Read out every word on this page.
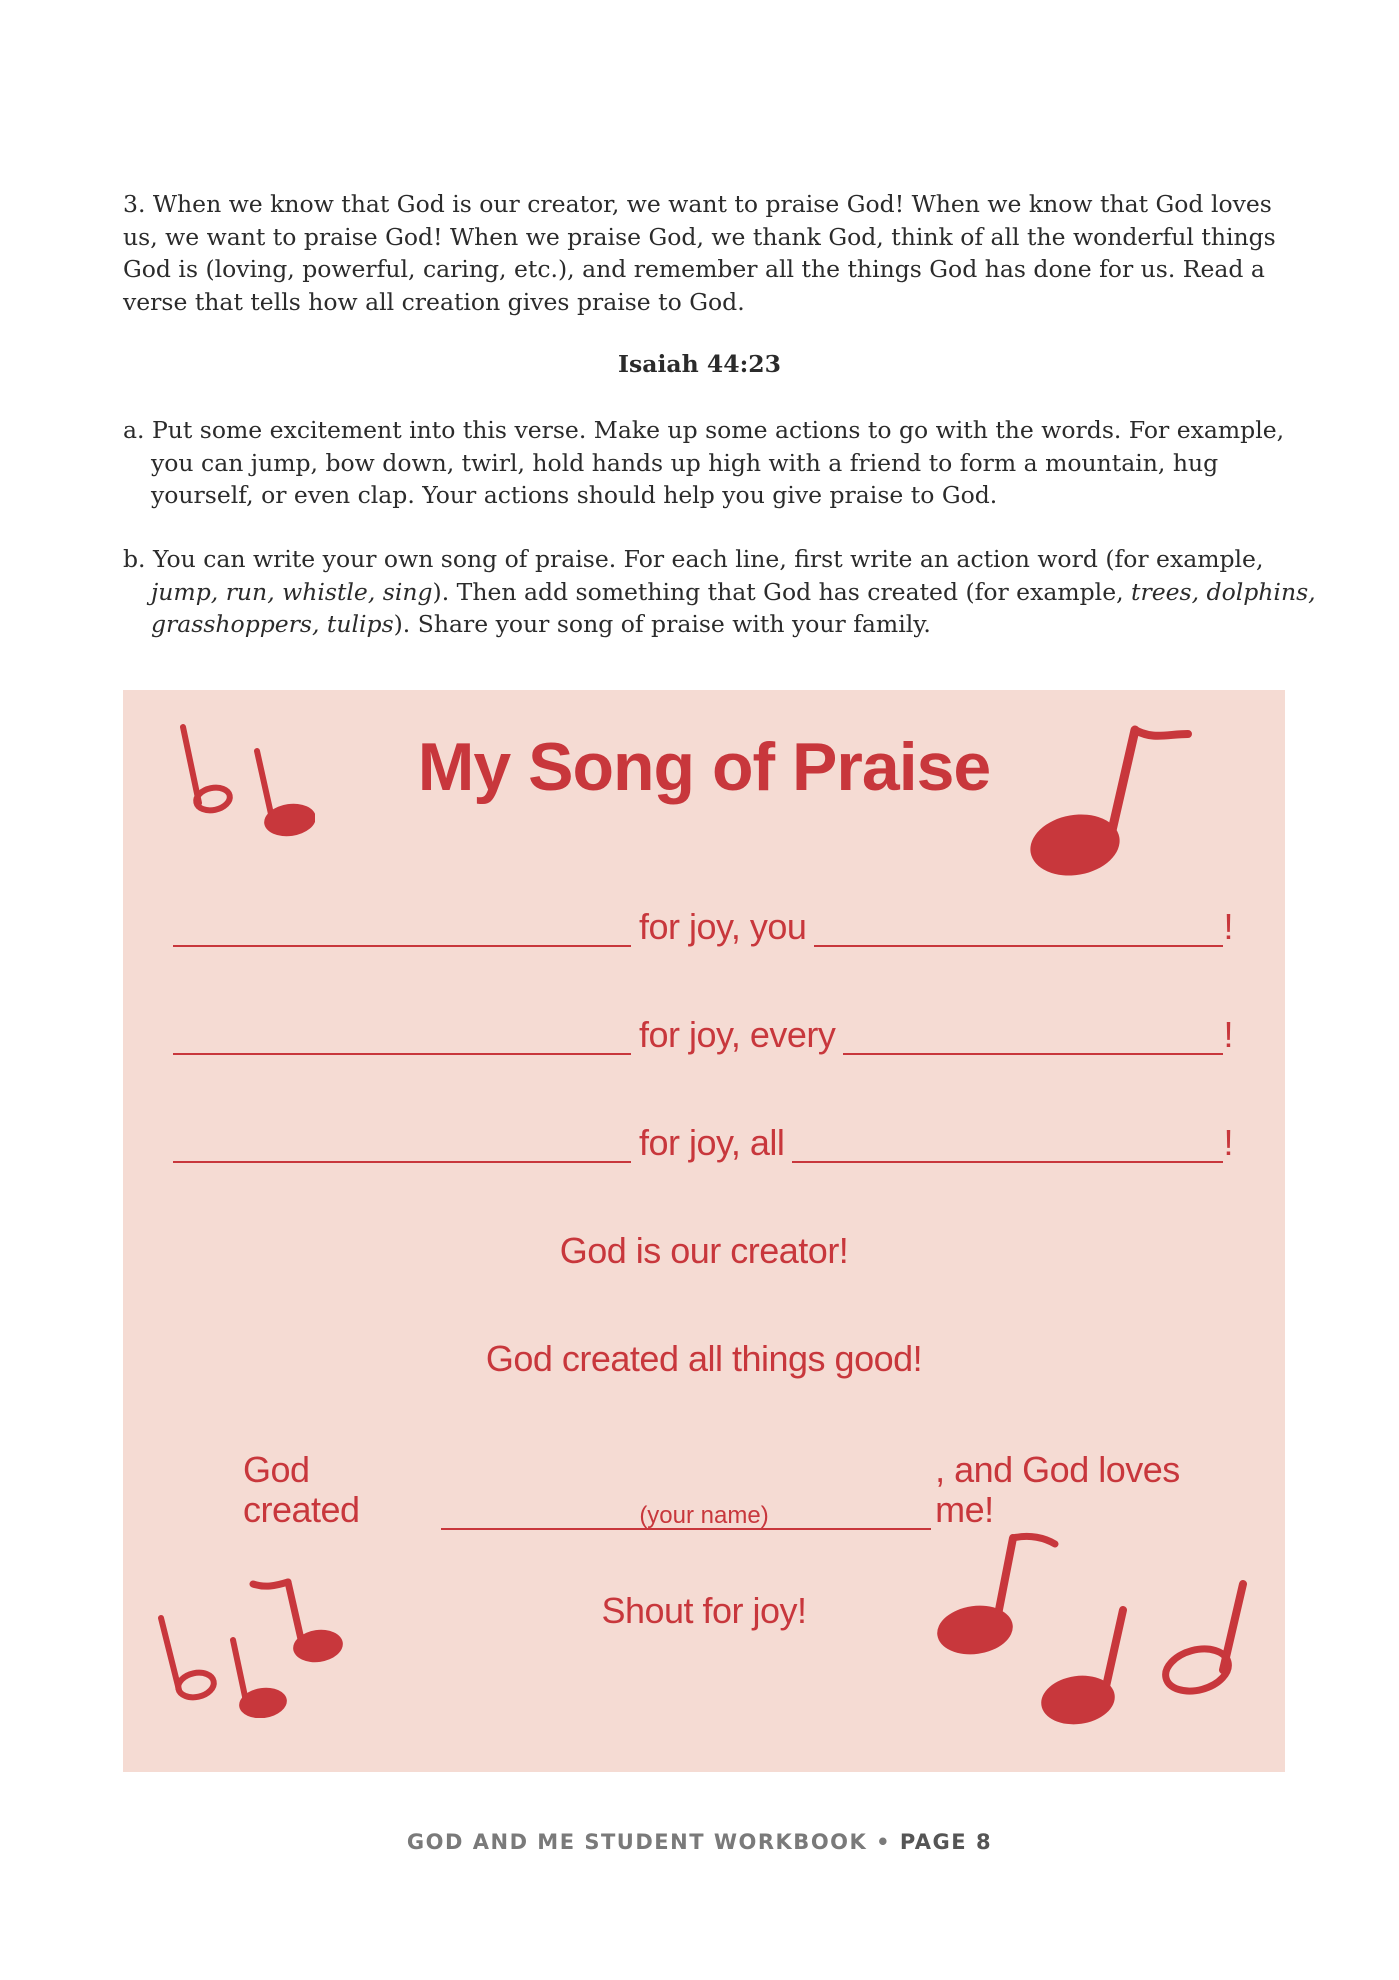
3. When we know that God is our creator, we want to praise God! When we know that God loves us, we want to praise God! When we praise God, we thank God, think of all the wonderful things God is (loving, powerful, caring, etc.), and remember all the things God has done for us. Read a verse that tells how all creation gives praise to God.

Isaiah 44:23

a. Put some excitement into this verse. Make up some actions to go with the words. For example, you can jump, bow down, twirl, hold hands up high with a friend to form a mountain, hug yourself, or even clap. Your actions should help you give praise to God.

b. You can write your own song of praise. For each line, first write an action word (for example, jump, run, whistle, sing). Then add something that God has created (for example, trees, dolphins, grasshoppers, tulips). Share your song of praise with your family.

My Song of Praise
for joy, you	!
for joy, every	!
for joy, all	!

God is our creator!

God created all things good!

God created
, and God loves me!
(your name)

Shout for joy!

GOD AND ME STUDENT WORKBOOK • PAGE 8
